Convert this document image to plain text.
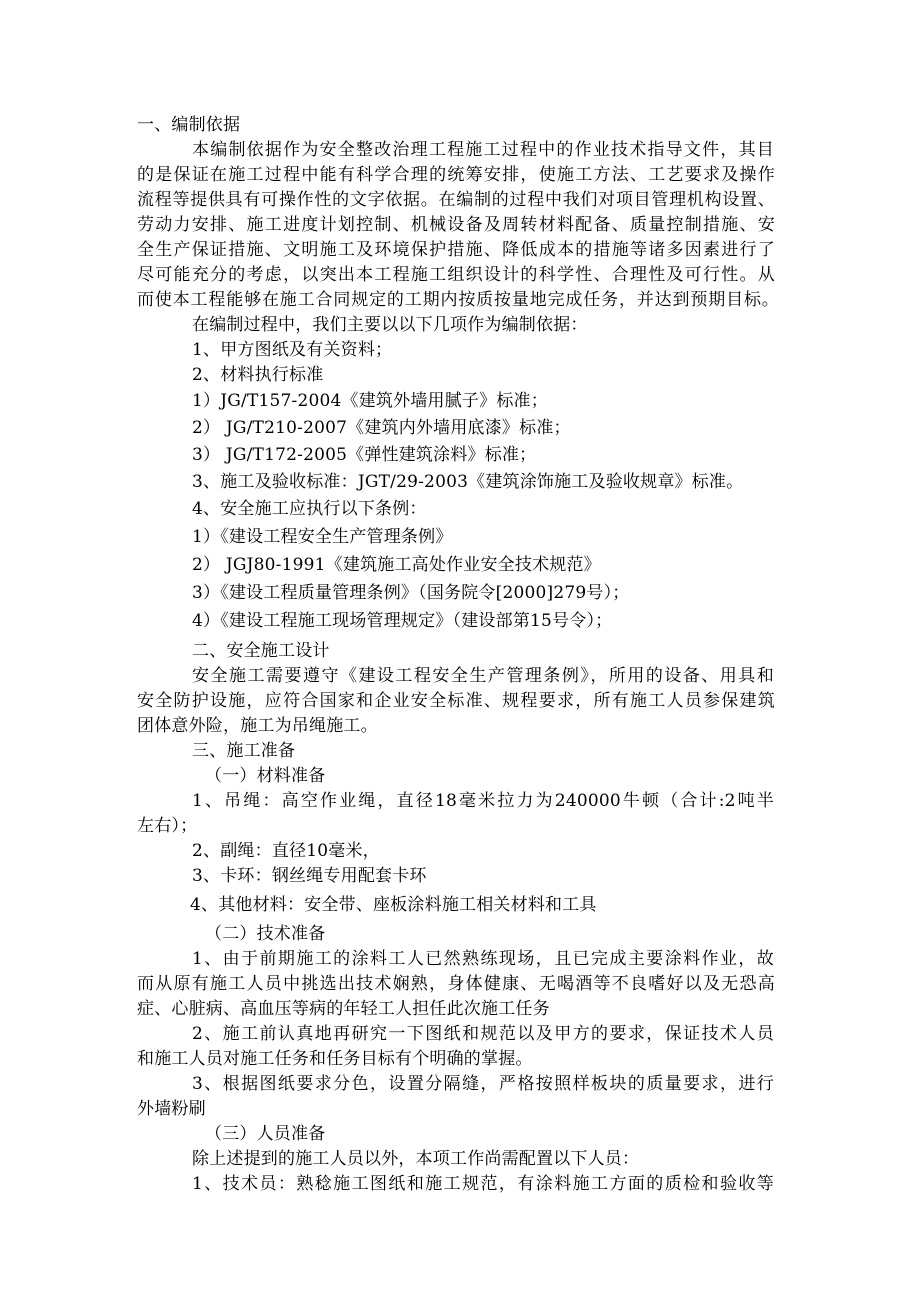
一、编制依据
本编制依据作为安全整改治理工程施工过程中的作业技术指导文件，其目
的是保证在施工过程中能有科学合理的统筹安排，使施工方法、工艺要求及操作
流程等提供具有可操作性的文字依据。在编制的过程中我们对项目管理机构设置、
劳动力安排、施工进度计划控制、机械设备及周转材料配备、质量控制措施、安
全生产保证措施、文明施工及环境保护措施、降低成本的措施等诸多因素进行了
尽可能充分的考虑，以突出本工程施工组织设计的科学性、合理性及可行性。从
而使本工程能够在施工合同规定的工期内按质按量地完成任务，并达到预期目标。
在编制过程中，我们主要以以下几项作为编制依据：
1、甲方图纸及有关资料；
2、材料执行标准
1）JG/T157-2004《建筑外墙用腻子》标准；
2） JG/T210-2007《建筑内外墙用底漆》标准；
3） JG/T172-2005《弹性建筑涂料》标准；
3、施工及验收标准：JGT/29-2003《建筑涂饰施工及验收规章》标准。
4、安全施工应执行以下条例：
1）《建设工程安全生产管理条例》
2） JGJ80-1991《建筑施工高处作业安全技术规范》
3）《建设工程质量管理条例》（国务院令[2000]279号）；
4）《建设工程施工现场管理规定》（建设部第15号令）；
二、安全施工设计
安全施工需要遵守《建设工程安全生产管理条例》，所用的设备、用具和
安全防护设施，应符合国家和企业安全标准、规程要求，所有施工人员参保建筑
团体意外险，施工为吊绳施工。
三、施工准备
（一）材料准备
1、吊绳：高空作业绳，直径18毫米拉力为240000牛顿（合计:2吨半
左右）；
2、副绳：直径10毫米，
3、卡环：钢丝绳专用配套卡环
4、其他材料：安全带、座板涂料施工相关材料和工具
（二）技术准备
1、由于前期施工的涂料工人已然熟练现场，且已完成主要涂料作业，故
而从原有施工人员中挑选出技术娴熟，身体健康、无喝酒等不良嗜好以及无恐高
症、心脏病、高血压等病的年轻工人担任此次施工任务
2、施工前认真地再研究一下图纸和规范以及甲方的要求，保证技术人员
和施工人员对施工任务和任务目标有个明确的掌握。
3、根据图纸要求分色，设置分隔缝，严格按照样板块的质量要求，进行
外墙粉刷
（三）人员准备
除上述提到的施工人员以外，本项工作尚需配置以下人员：
1、技术员：熟稔施工图纸和施工规范，有涂料施工方面的质检和验收等
